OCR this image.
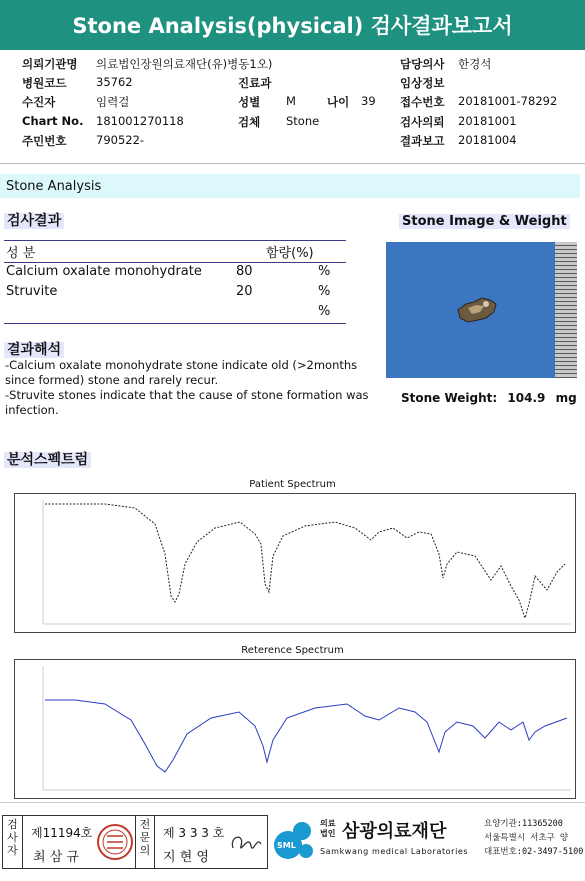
Stone Analysis(physical) 검사결과보고서
의뢰기관명 의료법인장원의료재단(유)병동1오)
병원코드	35762
수진자	임력걸
Chart No. 181001270118
주민번호	790522-
진료과
성별 M	나이 39
검체 Stone
담당의사 한경석
임상정보
접수번호 20181001-78292
검사의뢰 20181001
결과보고 20181004
Stone Analysis
검사결과
성 분	함량(%)
Calcium oxalate monohydrate	80	%
Struvite	20	%
%
결과해석
-Calcium oxalate monohydrate stone indicate old (>2months since formed) stone and rarely recur.
-Struvite stones indicate that the cause of stone formation was infection.
Stone Image & Weight
Stone Weight: 104.9 mg
분석스펙트럼
Patient Spectrum
Reterence Spectrum
검사자
제11194호
최 삼 규
전문의
제 3 3 3 호
지 현 영
SML
의료 법인 삼광의료재단
Samkwang medical Laboratories
요양기관:11365200
서울특별시 서초구 양
대표번호:02-3497-5100
